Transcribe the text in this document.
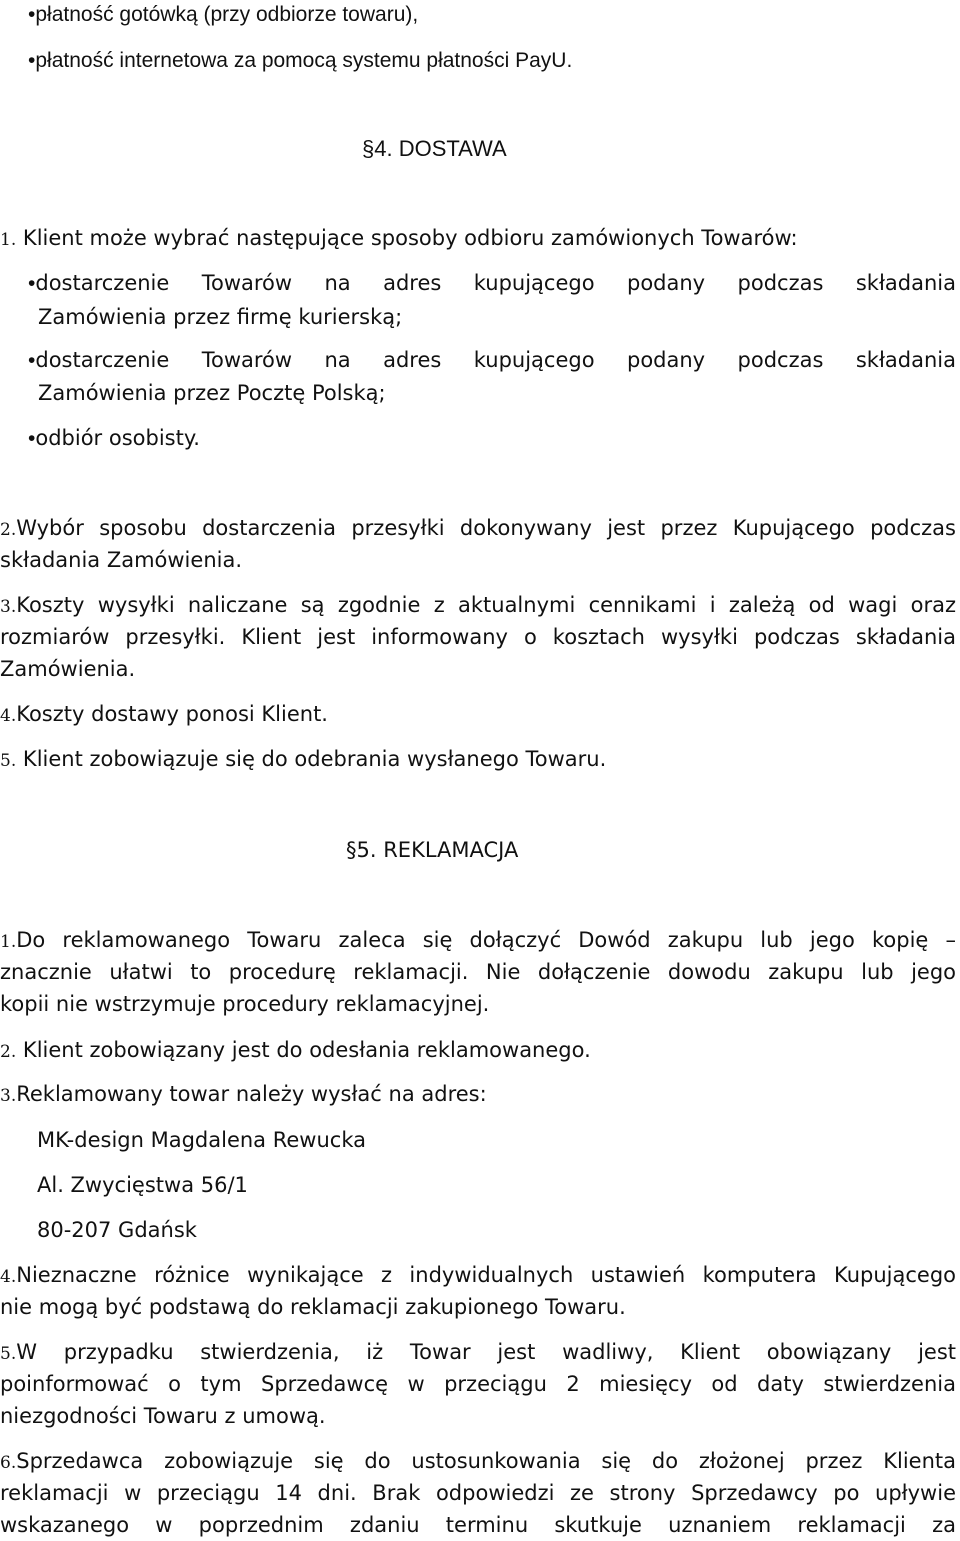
•płatność gotówką (przy odbiorze towaru),
•płatność internetowa za pomocą systemu płatności PayU.
§4. DOSTAWA
1. Klient może wybrać następujące sposoby odbioru zamówionych Towarów:
•dostarczenie Towarów na adres kupującego podany podczas składania
Zamówienia przez firmę kurierską;
•dostarczenie Towarów na adres kupującego podany podczas składania
Zamówienia przez Pocztę Polską;
•odbiór osobisty.
2.Wybór sposobu dostarczenia przesyłki dokonywany jest przez Kupującego podczas
składania Zamówienia.
3.Koszty wysyłki naliczane są zgodnie z aktualnymi cennikami i zależą od wagi oraz
rozmiarów przesyłki. Klient jest informowany o kosztach wysyłki podczas składania
Zamówienia.
4.Koszty dostawy ponosi Klient.
5. Klient zobowiązuje się do odebrania wysłanego Towaru.
§5. REKLAMACJA
1.Do reklamowanego Towaru zaleca się dołączyć Dowód zakupu lub jego kopię –
znacznie ułatwi to procedurę reklamacji. Nie dołączenie dowodu zakupu lub jego
kopii nie wstrzymuje procedury reklamacyjnej.
2. Klient zobowiązany jest do odesłania reklamowanego.
3.Reklamowany towar należy wysłać na adres:
MK-design Magdalena Rewucka
Al. Zwycięstwa 56/1
80-207 Gdańsk
4.Nieznaczne różnice wynikające z indywidualnych ustawień komputera Kupującego
nie mogą być podstawą do reklamacji zakupionego Towaru.
5.W przypadku stwierdzenia, iż Towar jest wadliwy, Klient obowiązany jest
poinformować o tym Sprzedawcę w przeciągu 2 miesięcy od daty stwierdzenia
niezgodności Towaru z umową.
6.Sprzedawca zobowiązuje się do ustosunkowania się do złożonej przez Klienta
reklamacji w przeciągu 14 dni. Brak odpowiedzi ze strony Sprzedawcy po upływie
wskazanego w poprzednim zdaniu terminu skutkuje uznaniem reklamacji za
